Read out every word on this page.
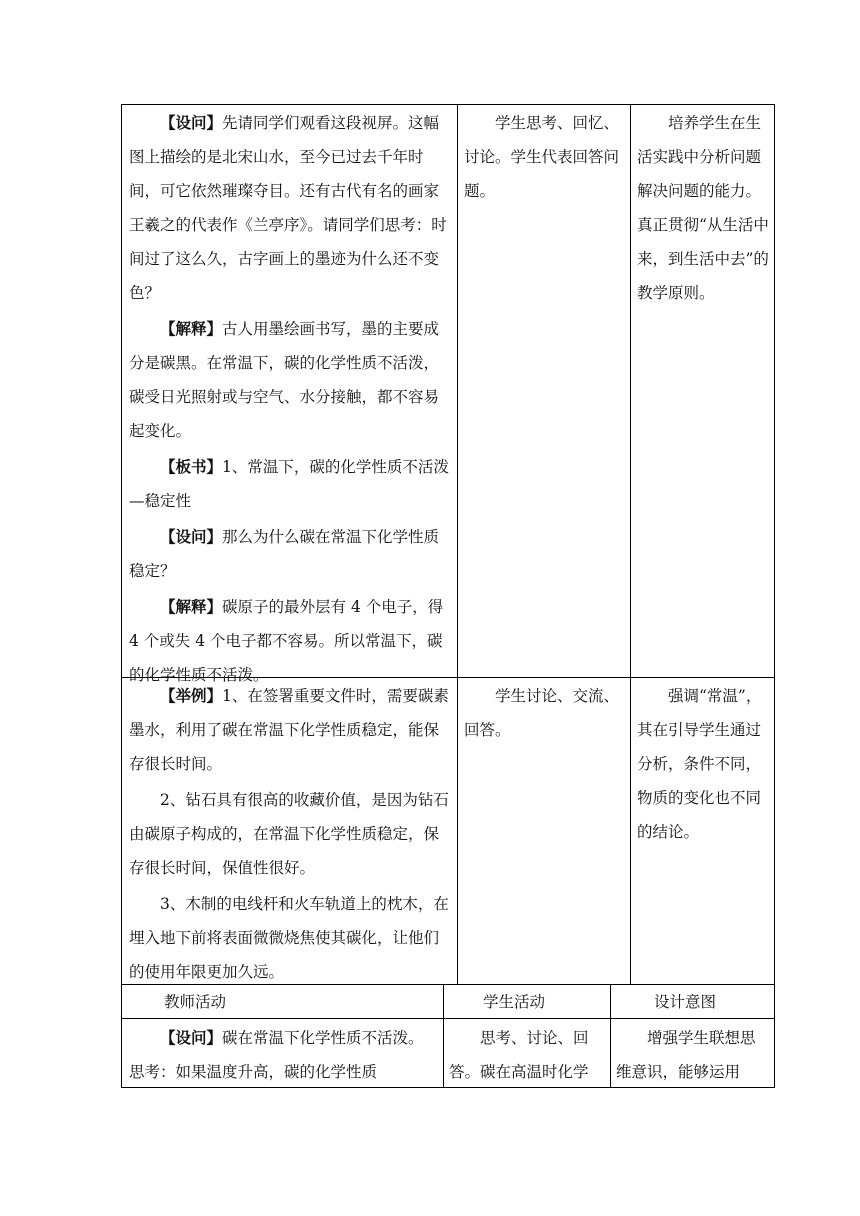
【设问】先请同学们观看这段视屏。这幅图上描绘的是北宋山水，至今已过去千年时间，可它依然璀璨夺目。还有古代有名的画家王羲之的代表作《兰亭序》。请同学们思考：时间过了这么久，古字画上的墨迹为什么还不变色？

【解释】古人用墨绘画书写，墨的主要成分是碳黑。在常温下，碳的化学性质不活泼，碳受日光照射或与空气、水分接触，都不容易起变化。

【板书】1、常温下，碳的化学性质不活泼—稳定性

【设问】那么为什么碳在常温下化学性质稳定？

【解释】碳原子的最外层有 4 个电子，得 4 个或失 4 个电子都不容易。所以常温下，碳的化学性质不活泼。

学生思考、回忆、讨论。学生代表回答问题。

培养学生在生活实践中分析问题解决问题的能力。真正贯彻“从生活中来，到生活中去”的教学原则。

【举例】1、在签署重要文件时，需要碳素墨水，利用了碳在常温下化学性质稳定，能保存很长时间。

2、钻石具有很高的收藏价值，是因为钻石由碳原子构成的，在常温下化学性质稳定，保存很长时间，保值性很好。

3、木制的电线杆和火车轨道上的枕木，在埋入地下前将表面微微烧焦使其碳化，让他们的使用年限更加久远。

学生讨论、交流、回答。

强调“常温”，其在引导学生通过分析，条件不同，物质的变化也不同的结论。

教师活动	学生活动	设计意图

【设问】碳在常温下化学性质不活泼。思考：如果温度升高，碳的化学性质

思考、讨论、回答。碳在高温时化学

增强学生联想思维意识，能够运用
